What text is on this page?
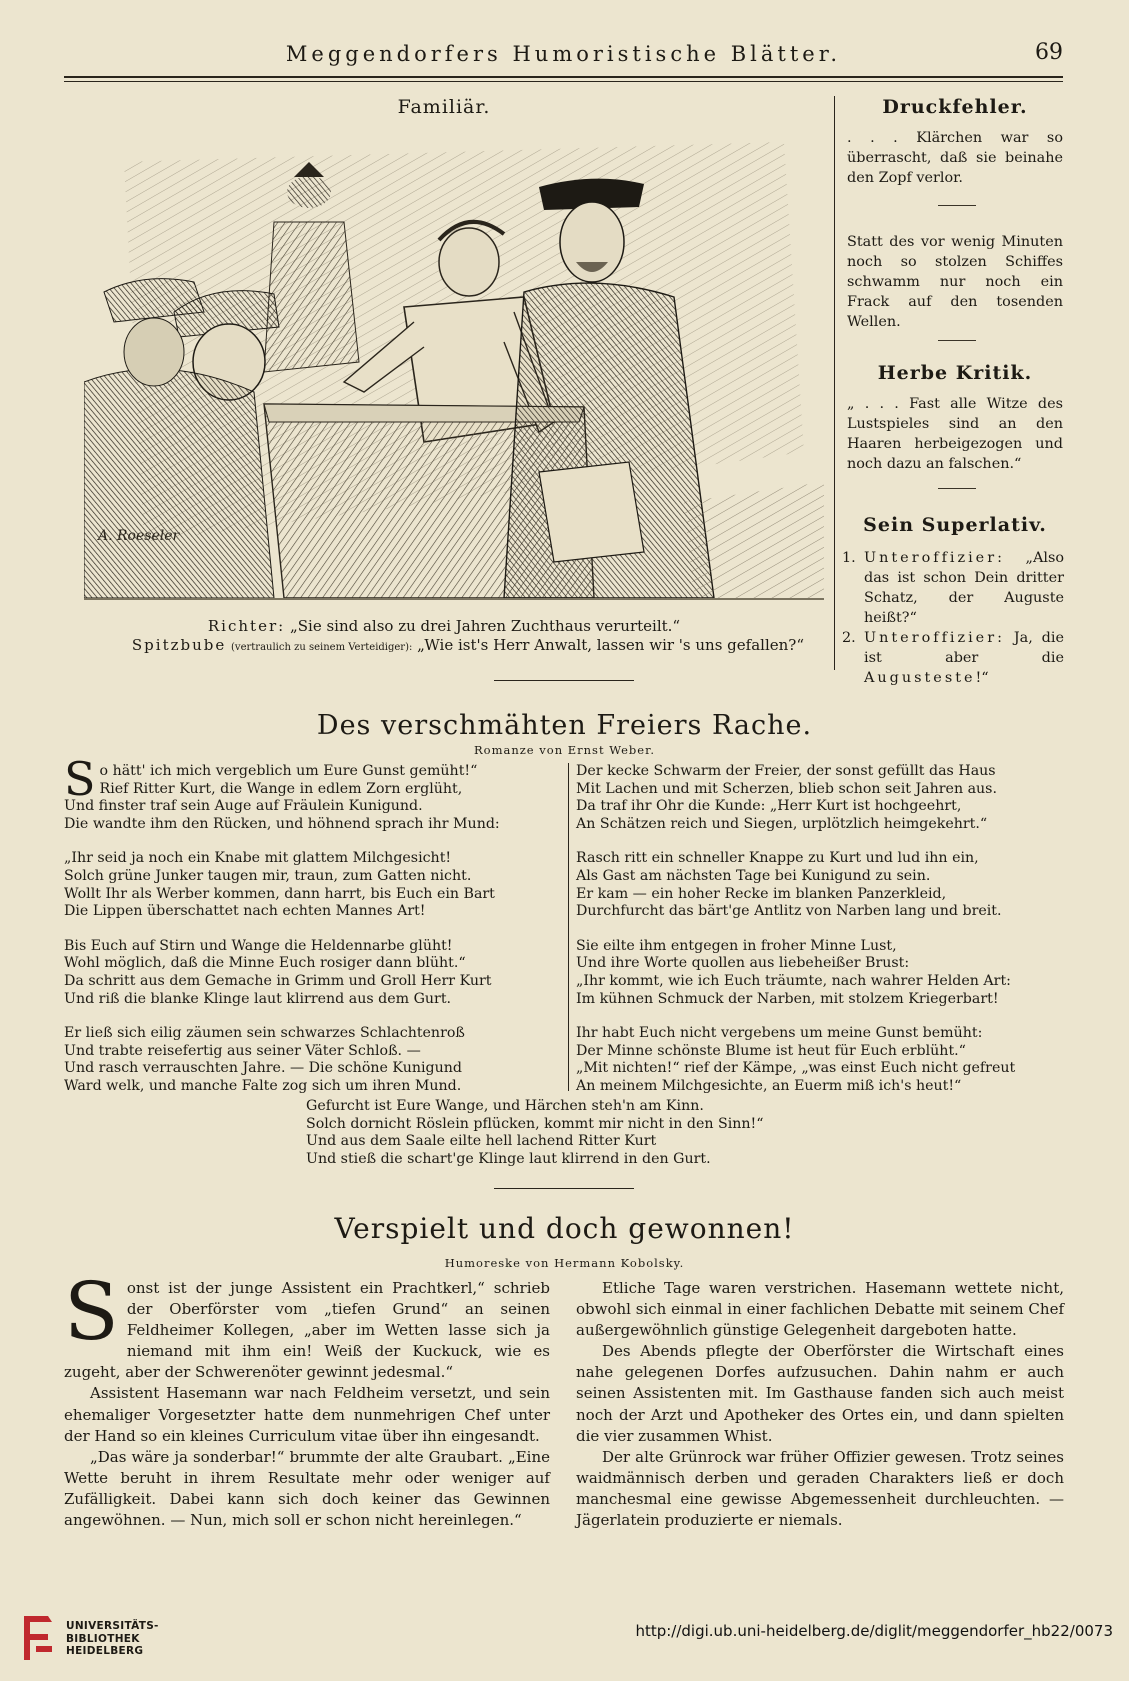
Meggendorfers Humoristische Blätter.	69
Familiär.
A. Roeseler
Richter: „Sie sind also zu drei Jahren Zuchthaus verurteilt.“
Spitzbube (vertraulich zu seinem Verteidiger): „Wie ist's Herr Anwalt, lassen wir 's uns gefallen?“
Druckfehler.

. . . Klärchen war so überrascht, daß sie beinahe den Zopf verlor.

Statt des vor wenig Minuten noch so stolzen Schiffes schwamm nur noch ein Frack auf den tosenden Wellen.

Herbe Kritik.

„ . . . Fast alle Witze des Lustspieles sind an den Haaren herbeigezogen und noch dazu an falschen.“

Sein Superlativ.
1. Unteroffizier: „Also das ist schon Dein dritter Schatz, der Auguste heißt?“
2. Unteroffizier: Ja, die ist aber die Augusteste!“
Des verschmähten Freiers Rache.
Romanze von Ernst Weber.
S o hätt' ich mich vergeblich um Eure Gunst gemüht!“
Rief Ritter Kurt, die Wange in edlem Zorn erglüht,
Und finster traf sein Auge auf Fräulein Kunigund.
Die wandte ihm den Rücken, und höhnend sprach ihr Mund:
„Ihr seid ja noch ein Knabe mit glattem Milchgesicht!
Solch grüne Junker taugen mir, traun, zum Gatten nicht.
Wollt Ihr als Werber kommen, dann harrt, bis Euch ein Bart
Die Lippen überschattet nach echten Mannes Art!
Bis Euch auf Stirn und Wange die Heldennarbe glüht!
Wohl möglich, daß die Minne Euch rosiger dann blüht.“
Da schritt aus dem Gemache in Grimm und Groll Herr Kurt
Und riß die blanke Klinge laut klirrend aus dem Gurt.
Er ließ sich eilig zäumen sein schwarzes Schlachtenroß
Und trabte reisefertig aus seiner Väter Schloß. —
Und rasch verrauschten Jahre. — Die schöne Kunigund
Ward welk, und manche Falte zog sich um ihren Mund.
Der kecke Schwarm der Freier, der sonst gefüllt das Haus
Mit Lachen und mit Scherzen, blieb schon seit Jahren aus.
Da traf ihr Ohr die Kunde: „Herr Kurt ist hochgeehrt,
An Schätzen reich und Siegen, urplötzlich heimgekehrt.“
Rasch ritt ein schneller Knappe zu Kurt und lud ihn ein,
Als Gast am nächsten Tage bei Kunigund zu sein.
Er kam — ein hoher Recke im blanken Panzerkleid,
Durchfurcht das bärt'ge Antlitz von Narben lang und breit.
Sie eilte ihm entgegen in froher Minne Lust,
Und ihre Worte quollen aus liebeheißer Brust:
„Ihr kommt, wie ich Euch träumte, nach wahrer Helden Art:
Im kühnen Schmuck der Narben, mit stolzem Kriegerbart!
Ihr habt Euch nicht vergebens um meine Gunst bemüht:
Der Minne schönste Blume ist heut für Euch erblüht.“
„Mit nichten!“ rief der Kämpe, „was einst Euch nicht gefreut
An meinem Milchgesichte, an Euerm miß ich's heut!“
Gefurcht ist Eure Wange, und Härchen steh'n am Kinn.
Solch dornicht Röslein pflücken, kommt mir nicht in den Sinn!“
Und aus dem Saale eilte hell lachend Ritter Kurt
Und stieß die schart'ge Klinge laut klirrend in den Gurt.
Verspielt und doch gewonnen!
Humoreske von Hermann Kobolsky.

Sonst ist der junge Assistent ein Prachtkerl,“ schrieb der Oberförster vom „tiefen Grund“ an seinen Feldheimer Kollegen, „aber im Wetten lasse sich ja niemand mit ihm ein! Weiß der Kuckuck, wie es zugeht, aber der Schwerenöter gewinnt jedesmal.“

Assistent Hasemann war nach Feldheim versetzt, und sein ehemaliger Vorgesetzter hatte dem nunmehrigen Chef unter der Hand so ein kleines Curriculum vitae über ihn eingesandt.

„Das wäre ja sonderbar!“ brummte der alte Graubart. „Eine Wette beruht in ihrem Resultate mehr oder weniger auf Zufälligkeit. Dabei kann sich doch keiner das Gewinnen angewöhnen. — Nun, mich soll er schon nicht hereinlegen.“

Etliche Tage waren verstrichen. Hasemann wettete nicht, obwohl sich einmal in einer fachlichen Debatte mit seinem Chef außergewöhnlich günstige Gelegenheit dargeboten hatte.

Des Abends pflegte der Oberförster die Wirtschaft eines nahe gelegenen Dorfes aufzusuchen. Dahin nahm er auch seinen Assistenten mit. Im Gasthause fanden sich auch meist noch der Arzt und Apotheker des Ortes ein, und dann spielten die vier zusammen Whist.

Der alte Grünrock war früher Offizier gewesen. Trotz seines waidmännisch derben und geraden Charakters ließ er doch manchesmal eine gewisse Abgemessenheit durchleuchten. — Jägerlatein produzierte er niemals.

UNIVERSITÄTS-
BIBLIOTHEK
HEIDELBERG
http://digi.ub.uni-heidelberg.de/diglit/meggendorfer_hb22/0073
